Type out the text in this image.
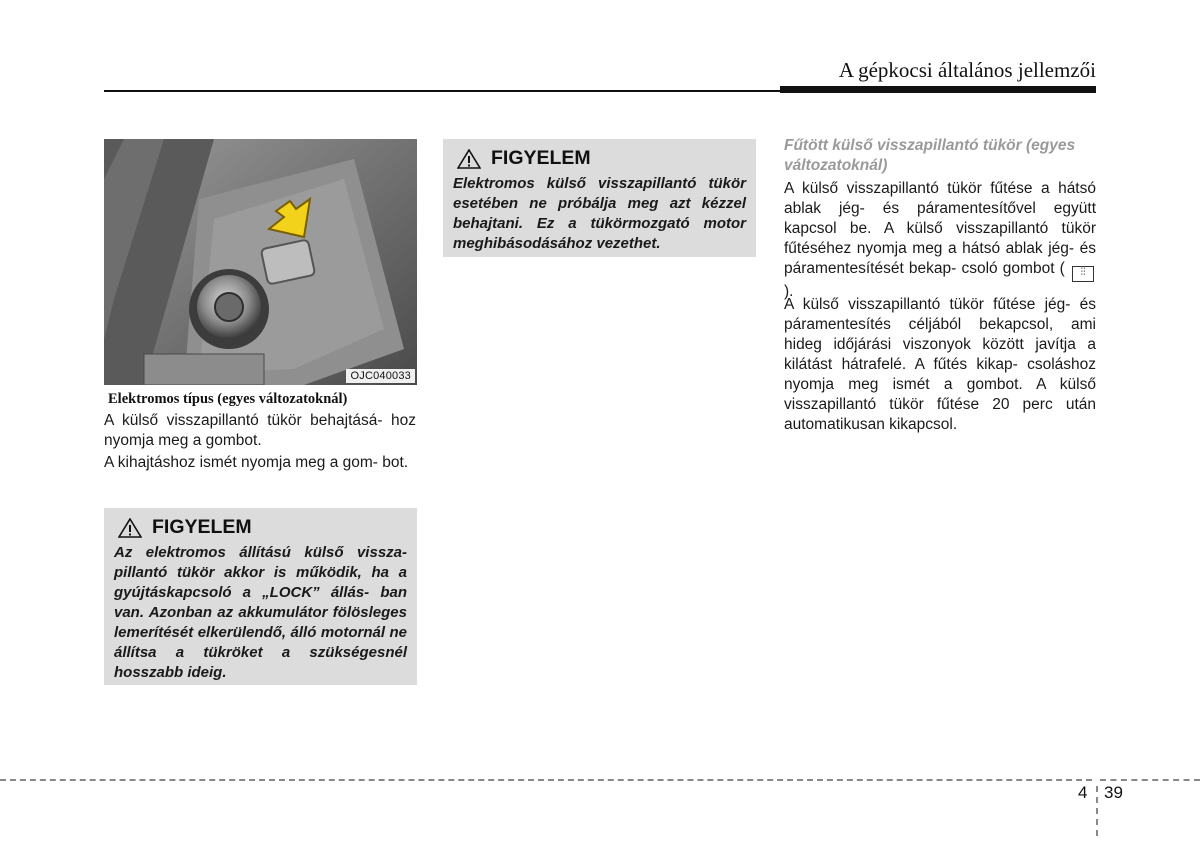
A gépkocsi általános jellemzői
OJC040033
Elektromos típus (egyes változatoknál)
A külső visszapillantó tükör behajtásá- hoz nyomja meg a gombot.
A kihajtáshoz ismét nyomja meg a gom- bot.
FIGYELEM
Az elektromos állítású külső vissza- pillantó tükör akkor is működik, ha a gyújtáskapcsoló a „LOCK” állás- ban van. Azonban az akkumulátor fölösleges lemerítését elkerülendő, álló motornál ne állítsa a tükröket a szükségesnél hosszabb ideig.
FIGYELEM
Elektromos külső visszapillantó tükör esetében ne próbálja meg azt kézzel behajtani. Ez a tükörmozgató motor meghibásodásához vezethet.
Fűtött külső visszapillantó tükör (egyes változatoknál)
A külső visszapillantó tükör fűtése a hátsó ablak jég- és páramentesítővel együtt kapcsol be. A külső visszapillantó tükör fűtéséhez nyomja meg a hátsó ablak jég- és páramentesítését bekap- csoló gombot ( ⫶⫶ ).
A külső visszapillantó tükör fűtése jég- és páramentesítés céljából bekapcsol, ami hideg időjárási viszonyok között javítja a kilátást hátrafelé. A fűtés kikap- csoláshoz nyomja meg ismét a gombot. A külső visszapillantó tükör fűtése 20 perc után automatikusan kikapcsol.
4 39
